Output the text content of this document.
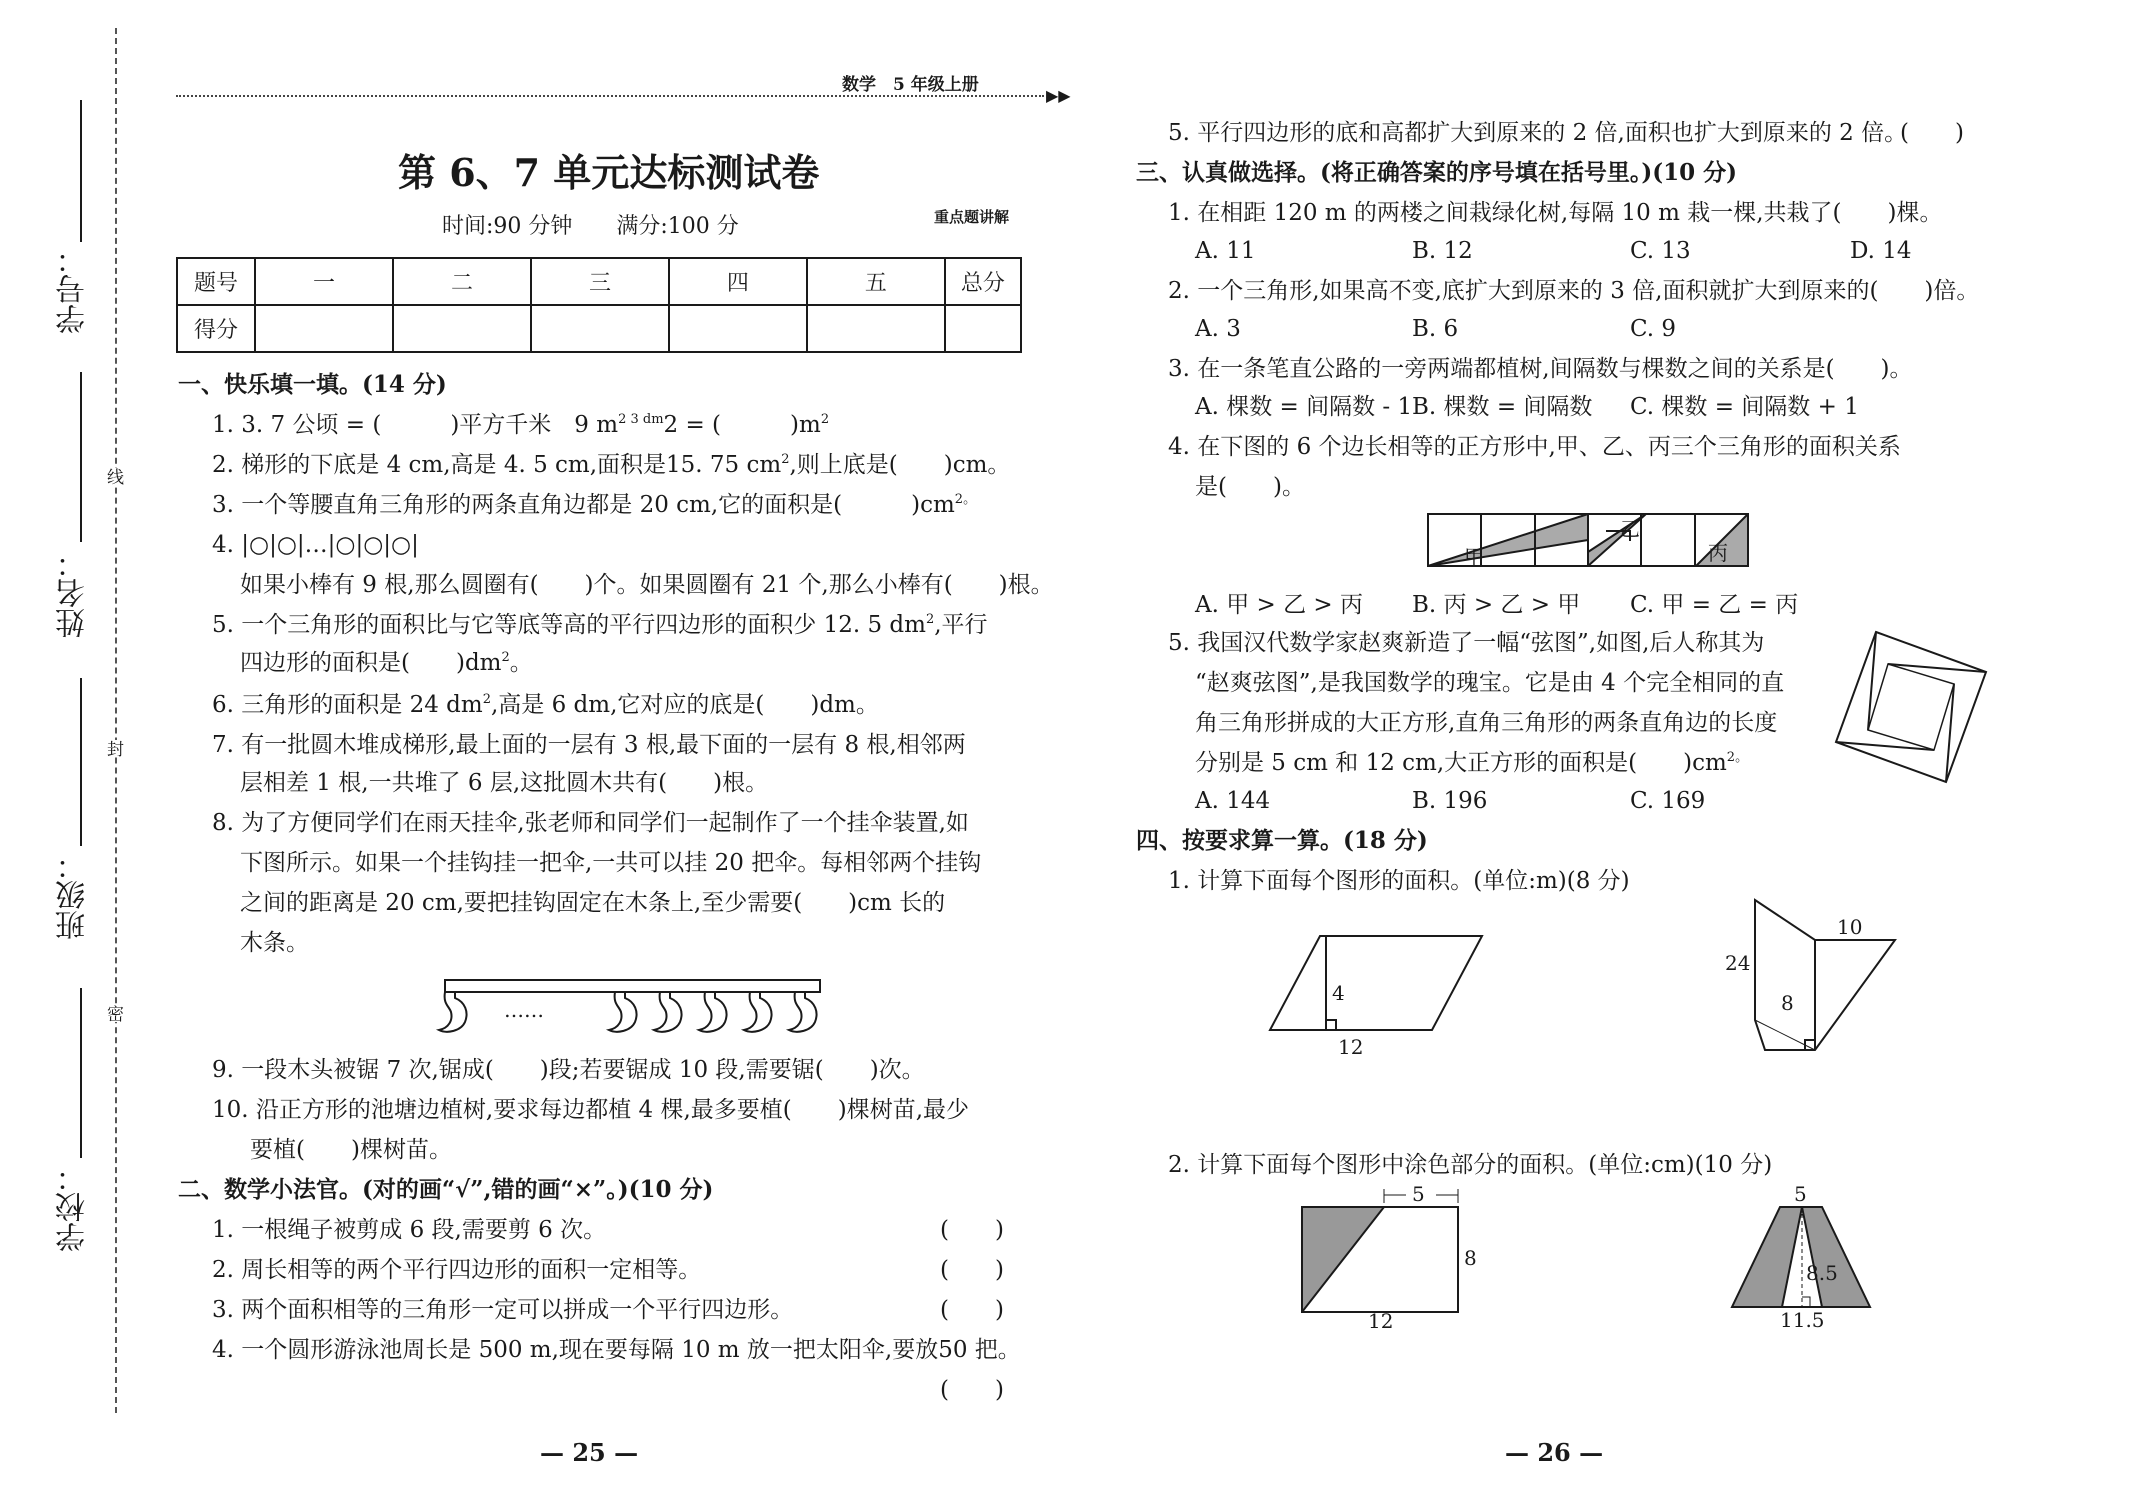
学号：
姓名：
班级：
学校：
线
封
密
数学　5 年级上册
▶▶
第 6、7 单元达标测试卷
时间:90 分钟　　满分:100 分	重点题讲解
题号	一	二	三	四	五	总分
得分						
一、快乐填一填。(14 分)
1. 3. 7 公顷 = (　　　)平方千米　9 $m^{2 3 dm}2$ = (　　　)$m^2$
2. 梯形的下底是 4 cm,高是 4. 5 cm,面积是15. 75 $cm^2$,则上底是(　　)cm。
3. 一个等腰直角三角形的两条直角边都是 20 cm,它的面积是(　　　)$cm^{2。}$
4. |○|○|…|○|○|○|
如果小棒有 9 根,那么圆圈有(　　)个。如果圆圈有 21 个,那么小棒有(　　)根。
5. 一个三角形的面积比与它等底等高的平行四边形的面积少 12. 5 $dm^2$,平行
四边形的面积是(　　)$dm^2$。
6. 三角形的面积是 24 $dm^2$,高是 6 dm,它对应的底是(　　)dm。
7. 有一批圆木堆成梯形,最上面的一层有 3 根,最下面的一层有 8 根,相邻两
层相差 1 根,一共堆了 6 层,这批圆木共有(　　)根。
8. 为了方便同学们在雨天挂伞,张老师和同学们一起制作了一个挂伞装置,如
下图所示。如果一个挂钩挂一把伞,一共可以挂 20 把伞。每相邻两个挂钩
之间的距离是 20 cm,要把挂钩固定在木条上,至少需要(　　)cm 长的
木条。
……
9. 一段木头被锯 7 次,锯成(　　)段;若要锯成 10 段,需要锯(　　)次。
10. 沿正方形的池塘边植树,要求每边都植 4 棵,最多要植(　　)棵树苗,最少
要植(　　)棵树苗。
二、数学小法官。(对的画“√”,错的画“×”。)(10 分)
1. 一根绳子被剪成 6 段,需要剪 6 次。	(　　)
2. 周长相等的两个平行四边形的面积一定相等。	(　　)
3. 两个面积相等的三角形一定可以拼成一个平行四边形。	(　　)
4. 一个圆形游泳池周长是 500 m,现在要每隔 10 m 放一把太阳伞,要放50 把。
(　　)
— 25 —
5. 平行四边形的底和高都扩大到原来的 2 倍,面积也扩大到原来的 2 倍。
(　　)
三、认真做选择。(将正确答案的序号填在括号里。)(10 分)
1. 在相距 120 m 的两楼之间栽绿化树,每隔 10 m 栽一棵,共栽了(　　)棵。
A. 11	B. 12	C. 13	D. 14
2. 一个三角形,如果高不变,底扩大到原来的 3 倍,面积就扩大到原来的(　　)倍。
A. 3	B. 6	C. 9
3. 在一条笔直公路的一旁两端都植树,间隔数与棵数之间的关系是(　　)。
A. 棵数 = 间隔数 - 1 B. 棵数 = 间隔数 C. 棵数 = 间隔数 + 1
4. 在下图的 6 个边长相等的正方形中,甲、乙、丙三个三角形的面积关系
是(　　)。
甲
乙
丙
A. 甲 > 乙 > 丙 B. 丙 > 乙 > 甲 C. 甲 = 乙 = 丙
5. 我国汉代数学家赵爽新造了一幅“弦图”,如图,后人称其为
“赵爽弦图”,是我国数学的瑰宝。它是由 4 个完全相同的直
角三角形拼成的大正方形,直角三角形的两条直角边的长度
分别是 5 cm 和 12 cm,大正方形的面积是(　　)$cm^{2。}$
A. 144	B. 196	C. 169
四、按要求算一算。(18 分)
1. 计算下面每个图形的面积。(单位:m)(8 分)
4
12
10
24
8
2. 计算下面每个图形中涂色部分的面积。(单位:cm)(10 分)
5
8
12
5
8.5
11.5
— 26 —
